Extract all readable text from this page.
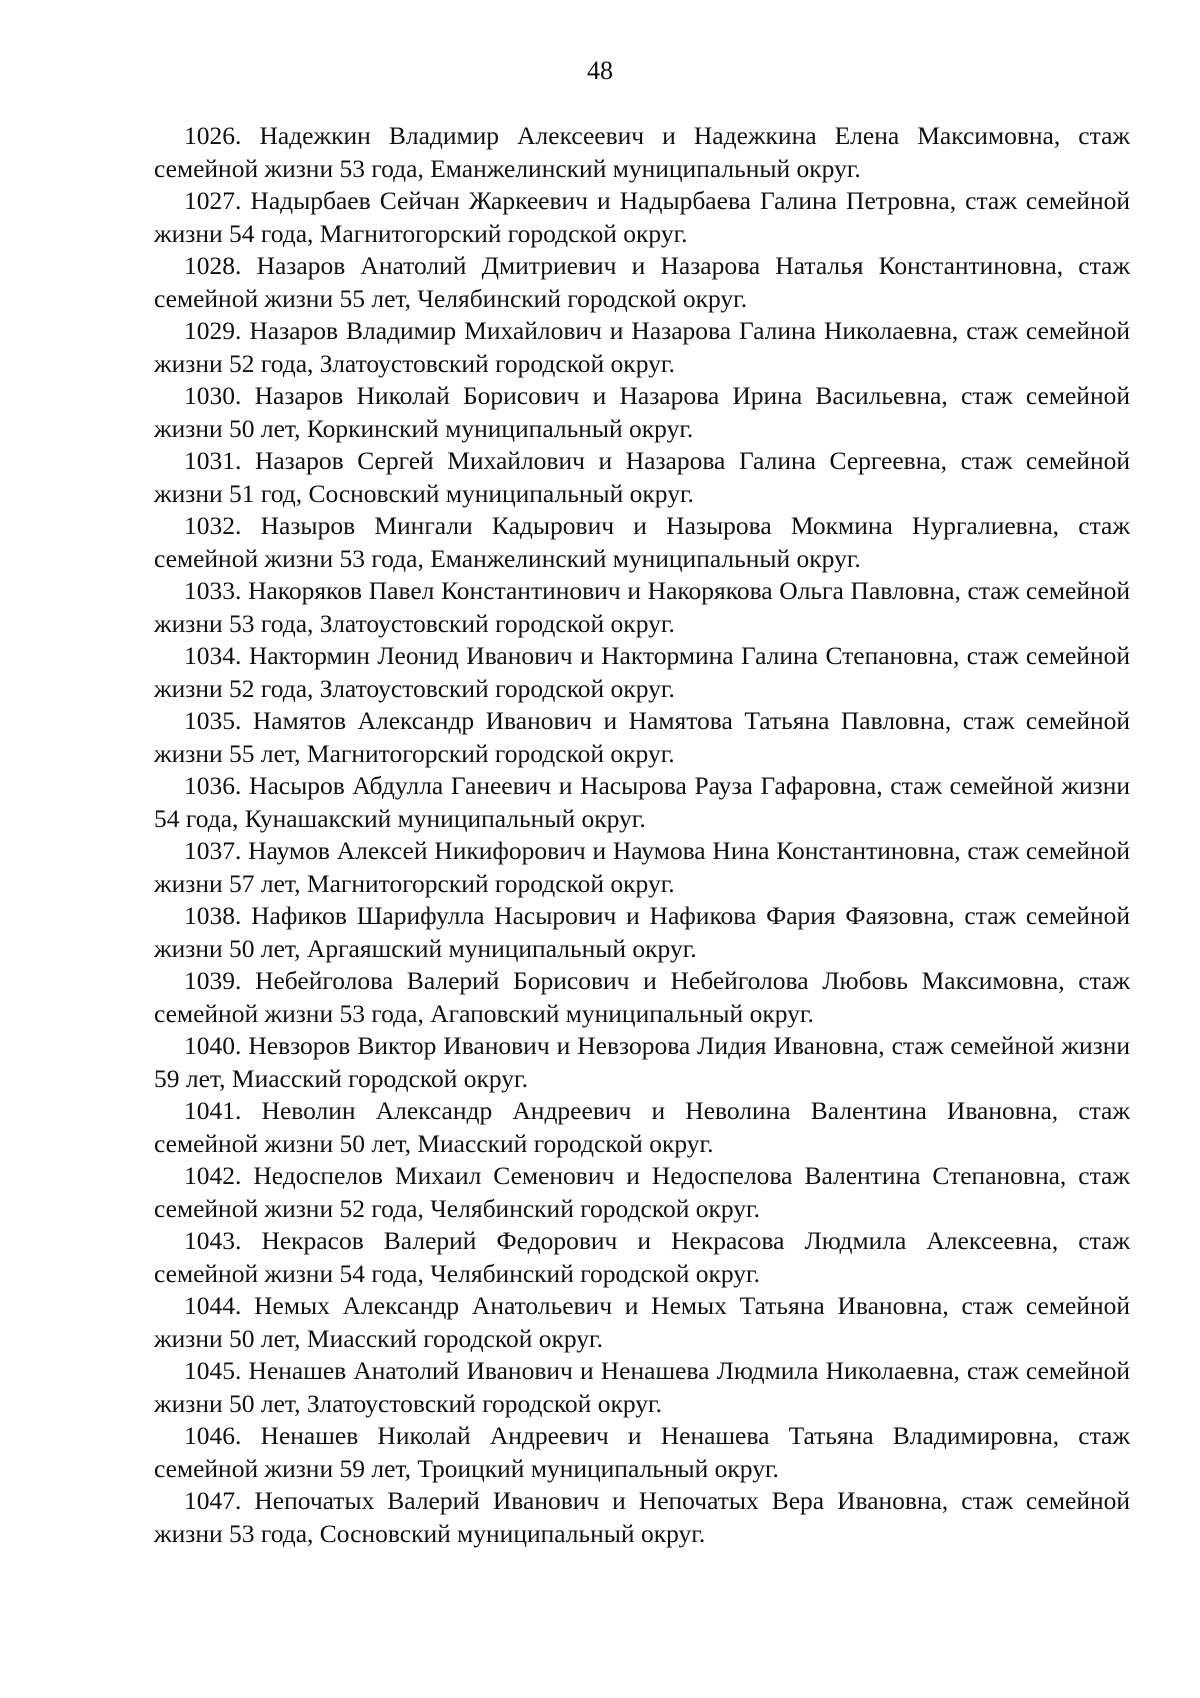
48

1026. Надежкин Владимир Алексеевич и Надежкина Елена Максимовна, стаж семейной жизни 53 года, Еманжелинский муниципальный округ.

1027. Надырбаев Сейчан Жаркеевич и Надырбаева Галина Петровна, стаж семейной жизни 54 года, Магнитогорский городской округ.

1028. Назаров Анатолий Дмитриевич и Назарова Наталья Константиновна, стаж семейной жизни 55 лет, Челябинский городской округ.

1029. Назаров Владимир Михайлович и Назарова Галина Николаевна, стаж семейной жизни 52 года, Златоустовский городской округ.

1030. Назаров Николай Борисович и Назарова Ирина Васильевна, стаж семейной жизни 50 лет, Коркинский муниципальный округ.

1031. Назаров Сергей Михайлович и Назарова Галина Сергеевна, стаж семейной жизни 51 год, Сосновский муниципальный округ.

1032. Назыров Мингали Кадырович и Назырова Мокмина Нургалиевна, стаж семейной жизни 53 года, Еманжелинский муниципальный округ.

1033. Накоряков Павел Константинович и Накорякова Ольга Павловна, стаж семейной жизни 53 года, Златоустовский городской округ.

1034. Нактормин Леонид Иванович и Нактормина Галина Степановна, стаж семейной жизни 52 года, Златоустовский городской округ.

1035. Намятов Александр Иванович и Намятова Татьяна Павловна, стаж семейной жизни 55 лет, Магнитогорский городской округ.

1036. Насыров Абдулла Ганеевич и Насырова Рауза Гафаровна, стаж семейной жизни 54 года, Кунашакский муниципальный округ.

1037. Наумов Алексей Никифорович и Наумова Нина Константиновна, стаж семейной жизни 57 лет, Магнитогорский городской округ.

1038. Нафиков Шарифулла Насырович и Нафикова Фария Фаязовна, стаж семейной жизни 50 лет, Аргаяшский муниципальный округ.

1039. Небейголова Валерий Борисович и Небейголова Любовь Максимовна, стаж семейной жизни 53 года, Агаповский муниципальный округ.

1040. Невзоров Виктор Иванович и Невзорова Лидия Ивановна, стаж семейной жизни 59 лет, Миасский городской округ.

1041. Неволин Александр Андреевич и Неволина Валентина Ивановна, стаж семейной жизни 50 лет, Миасский городской округ.

1042. Недоспелов Михаил Семенович и Недоспелова Валентина Степановна, стаж семейной жизни 52 года, Челябинский городской округ.

1043. Некрасов Валерий Федорович и Некрасова Людмила Алексеевна, стаж семейной жизни 54 года, Челябинский городской округ.

1044. Немых Александр Анатольевич и Немых Татьяна Ивановна, стаж семейной жизни 50 лет, Миасский городской округ.

1045. Ненашев Анатолий Иванович и Ненашева Людмила Николаевна, стаж семейной жизни 50 лет, Златоустовский городской округ.

1046. Ненашев Николай Андреевич и Ненашева Татьяна Владимировна, стаж семейной жизни 59 лет, Троицкий муниципальный округ.

1047. Непочатых Валерий Иванович и Непочатых Вера Ивановна, стаж семейной жизни 53 года, Сосновский муниципальный округ.
